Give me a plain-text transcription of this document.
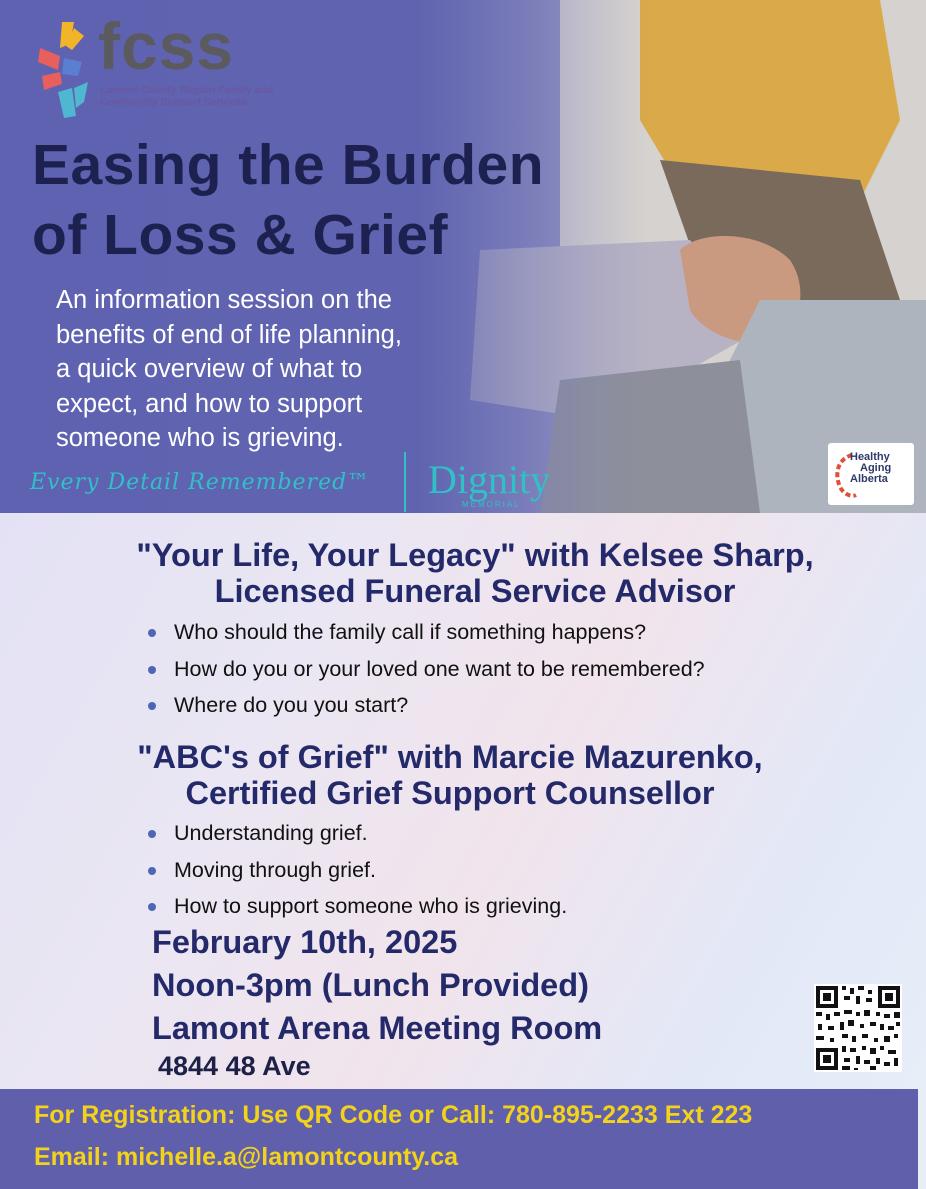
fcss
Lamont County Region Family and Community Support Services
Easing the Burden
of Loss & Grief
An information session on the
benefits of end of life planning,
a quick overview of what to
expect, and how to support
someone who is grieving.
Every Detail Remembered™ Dignity
MEMORIAL
Healthy
Aging
Alberta
"Your Life, Your Legacy" with Kelsee Sharp,
Licensed Funeral Service Advisor
Who should the family call if something happens?
How do you or your loved one want to be remembered?
Where do you you start?
"ABC's of Grief" with Marcie Mazurenko,
Certified Grief Support Counsellor
Understanding grief.
Moving through grief.
How to support someone who is grieving.
February 10th, 2025
Noon-3pm (Lunch Provided)
Lamont Arena Meeting Room
4844 48 Ave
For Registration: Use QR Code or Call: 780-895-2233 Ext 223
Email: michelle.a@lamontcounty.ca
